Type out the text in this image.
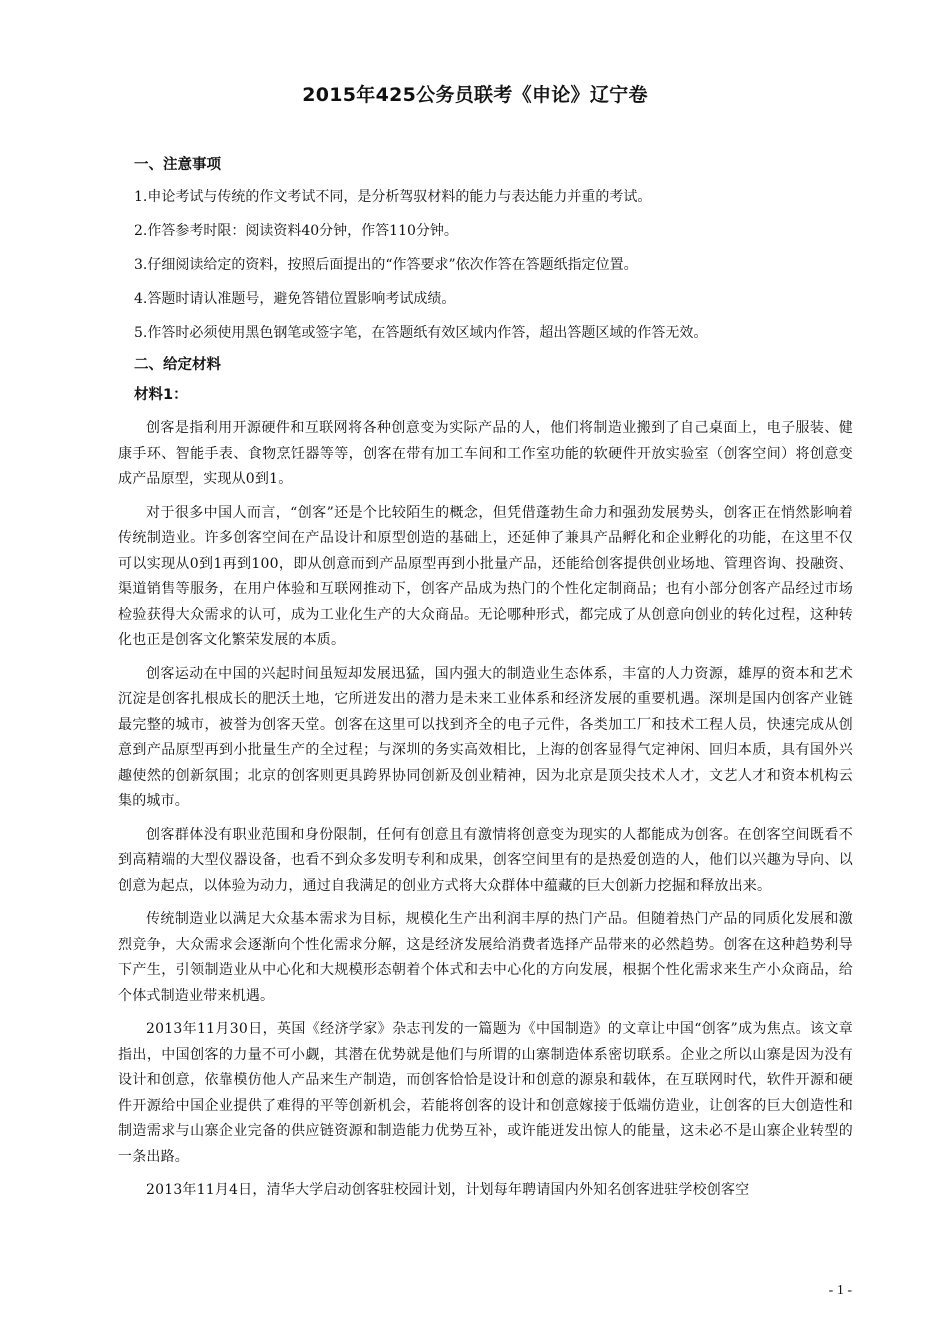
2015年425公务员联考《申论》辽宁卷
一、注意事项
1.申论考试与传统的作文考试不同，是分析驾驭材料的能力与表达能力并重的考试。
2.作答参考时限：阅读资料40分钟，作答110分钟。
3.仔细阅读给定的资料，按照后面提出的“作答要求”依次作答在答题纸指定位置。
4.答题时请认准题号，避免答错位置影响考试成绩。
5.作答时必须使用黑色钢笔或签字笔，在答题纸有效区域内作答，超出答题区域的作答无效。
二、给定材料
材料1：

创客是指利用开源硬件和互联网将各种创意变为实际产品的人，他们将制造业搬到了自己桌面上，电子服装、健康手环、智能手表、食物烹饪器等等，创客在带有加工车间和工作室功能的软硬件开放实验室（创客空间）将创意变成产品原型，实现从0到1。

对于很多中国人而言，“创客”还是个比较陌生的概念，但凭借蓬勃生命力和强劲发展势头，创客正在悄然影响着传统制造业。许多创客空间在产品设计和原型创造的基础上，还延伸了兼具产品孵化和企业孵化的功能，在这里不仅可以实现从0到1再到100，即从创意而到产品原型再到小批量产品，还能给创客提供创业场地、管理咨询、投融资、渠道销售等服务，在用户体验和互联网推动下，创客产品成为热门的个性化定制商品；也有小部分创客产品经过市场检验获得大众需求的认可，成为工业化生产的大众商品。无论哪种形式，都完成了从创意向创业的转化过程，这种转化也正是创客文化繁荣发展的本质。

创客运动在中国的兴起时间虽短却发展迅猛，国内强大的制造业生态体系，丰富的人力资源，雄厚的资本和艺术沉淀是创客扎根成长的肥沃土地，它所迸发出的潜力是未来工业体系和经济发展的重要机遇。深圳是国内创客产业链最完整的城市，被誉为创客天堂。创客在这里可以找到齐全的电子元件，各类加工厂和技术工程人员，快速完成从创意到产品原型再到小批量生产的全过程；与深圳的务实高效相比，上海的创客显得气定神闲、回归本质，具有国外兴趣使然的创新氛围；北京的创客则更具跨界协同创新及创业精神，因为北京是顶尖技术人才，文艺人才和资本机构云集的城市。

创客群体没有职业范围和身份限制，任何有创意且有激情将创意变为现实的人都能成为创客。在创客空间既看不到高精端的大型仪器设备，也看不到众多发明专利和成果，创客空间里有的是热爱创造的人，他们以兴趣为导向、以创意为起点，以体验为动力，通过自我满足的创业方式将大众群体中蕴藏的巨大创新力挖掘和释放出来。

传统制造业以满足大众基本需求为目标，规模化生产出利润丰厚的热门产品。但随着热门产品的同质化发展和激烈竞争，大众需求会逐渐向个性化需求分解，这是经济发展给消费者选择产品带来的必然趋势。创客在这种趋势利导下产生，引领制造业从中心化和大规模形态朝着个体式和去中心化的方向发展，根据个性化需求来生产小众商品，给个体式制造业带来机遇。

2013年11月30日，英国《经济学家》杂志刊发的一篇题为《中国制造》的文章让中国“创客”成为焦点。该文章指出，中国创客的力量不可小觑，其潜在优势就是他们与所谓的山寨制造体系密切联系。企业之所以山寨是因为没有设计和创意，依靠模仿他人产品来生产制造，而创客恰恰是设计和创意的源泉和载体，在互联网时代，软件开源和硬件开源给中国企业提供了难得的平等创新机会，若能将创客的设计和创意嫁接于低端仿造业，让创客的巨大创造性和制造需求与山寨企业完备的供应链资源和制造能力优势互补，或许能迸发出惊人的能量，这未必不是山寨企业转型的一条出路。

2013年11月4日，清华大学启动创客驻校园计划，计划每年聘请国内外知名创客进驻学校创客空

- 1 -
